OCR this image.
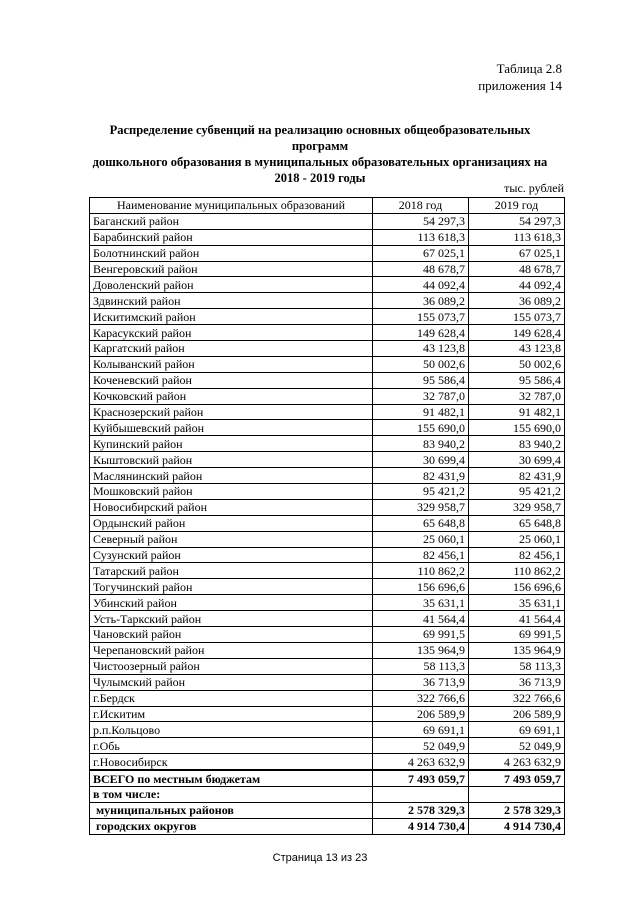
Таблица 2.8
приложения 14
Распределение субвенций на реализацию основных общеобразовательных программ
дошкольного образования в муниципальных образовательных организациях на
2018 - 2019 годы
тыс. рублей
Наименование муниципальных образований	2018 год	2019 год
Баганский район	54 297,3	54 297,3
Барабинский район	113 618,3	113 618,3
Болотнинский район	67 025,1	67 025,1
Венгеровский район	48 678,7	48 678,7
Доволенский район	44 092,4	44 092,4
Здвинский район	36 089,2	36 089,2
Искитимский район	155 073,7	155 073,7
Карасукский район	149 628,4	149 628,4
Каргатский район	43 123,8	43 123,8
Колыванский район	50 002,6	50 002,6
Коченевский район	95 586,4	95 586,4
Кочковский район	32 787,0	32 787,0
Краснозерский район	91 482,1	91 482,1
Куйбышевский район	155 690,0	155 690,0
Купинский район	83 940,2	83 940,2
Кыштовский район	30 699,4	30 699,4
Маслянинский район	82 431,9	82 431,9
Мошковский район	95 421,2	95 421,2
Новосибирский район	329 958,7	329 958,7
Ордынский район	65 648,8	65 648,8
Северный район	25 060,1	25 060,1
Сузунский район	82 456,1	82 456,1
Татарский район	110 862,2	110 862,2
Тогучинский район	156 696,6	156 696,6
Убинский район	35 631,1	35 631,1
Усть-Таркский район	41 564,4	41 564,4
Чановский район	69 991,5	69 991,5
Черепановский район	135 964,9	135 964,9
Чистоозерный район	58 113,3	58 113,3
Чулымский район	36 713,9	36 713,9
г.Бердск	322 766,6	322 766,6
г.Искитим	206 589,9	206 589,9
р.п.Кольцово	69 691,1	69 691,1
г.Обь	52 049,9	52 049,9
г.Новосибирск	4 263 632,9	4 263 632,9
ВСЕГО по местным бюджетам	7 493 059,7	7 493 059,7
в том числе:		
муниципальных районов	2 578 329,3	2 578 329,3
городских округов	4 914 730,4	4 914 730,4
Страница 13 из 23
